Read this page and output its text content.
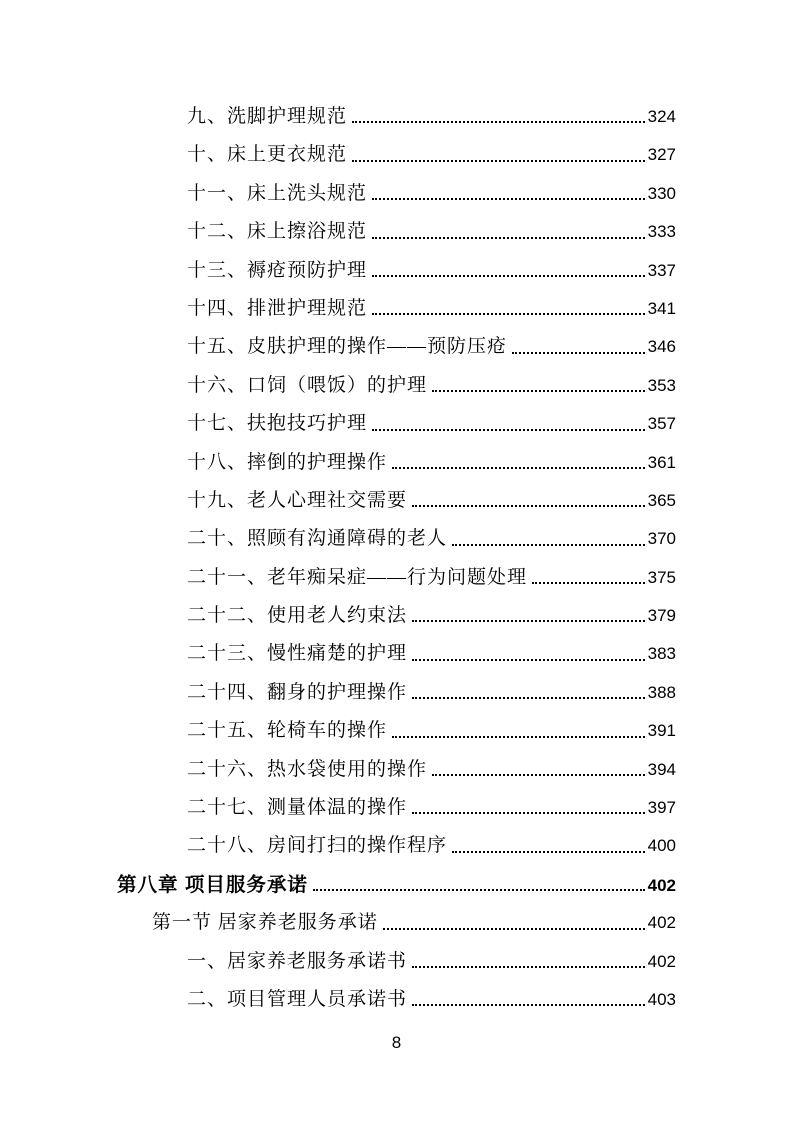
九、洗脚护理规范	324
十、床上更衣规范	327
十一、床上洗头规范	330
十二、床上擦浴规范	333
十三、褥疮预防护理	337
十四、排泄护理规范	341
十五、皮肤护理的操作——预防压疮	346
十六、口饲（喂饭）的护理	353
十七、扶抱技巧护理	357
十八、摔倒的护理操作	361
十九、老人心理社交需要	365
二十、照顾有沟通障碍的老人	370
二十一、老年痴呆症——行为问题处理	375
二十二、使用老人约束法	379
二十三、慢性痛楚的护理	383
二十四、翻身的护理操作	388
二十五、轮椅车的操作	391
二十六、热水袋使用的操作	394
二十七、测量体温的操作	397
二十八、房间打扫的操作程序	400
第八章 项目服务承诺	402
第一节 居家养老服务承诺	402
一、居家养老服务承诺书	402
二、项目管理人员承诺书	403
8
